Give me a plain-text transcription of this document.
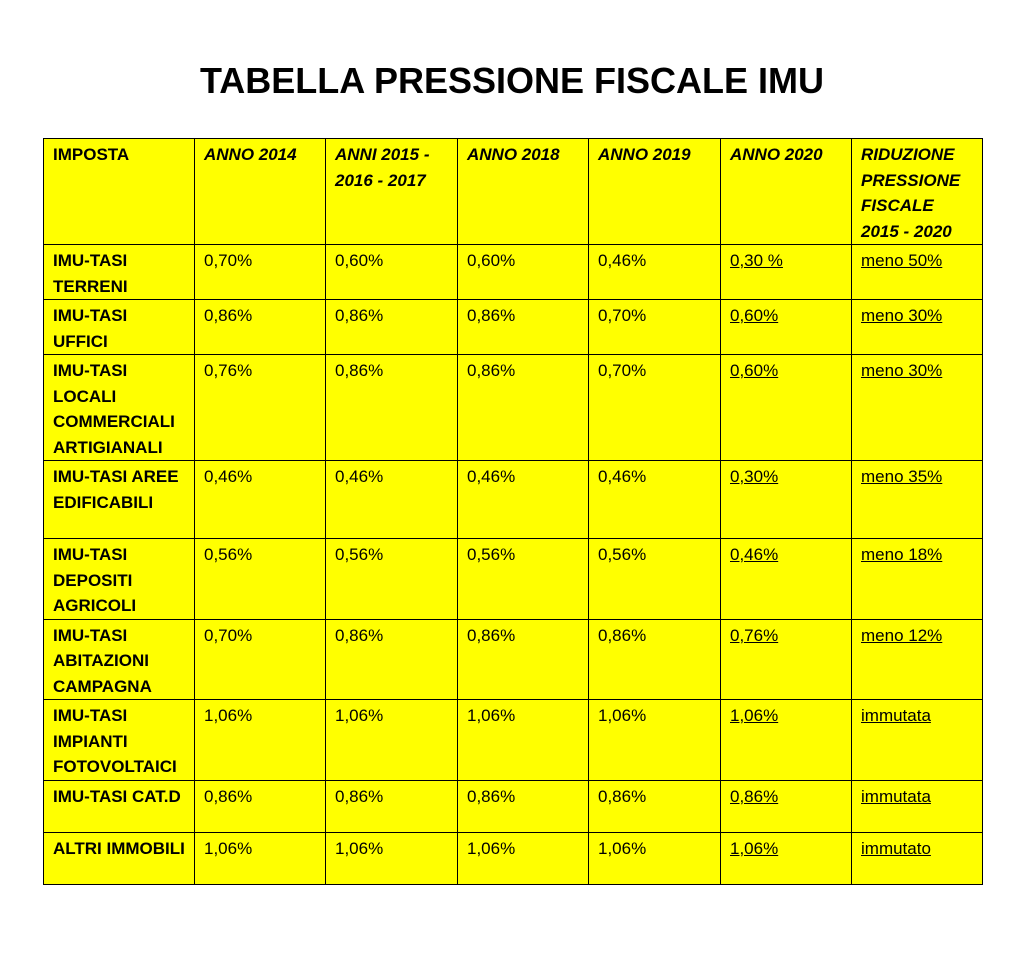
TABELLA PRESSIONE FISCALE IMU
IMPOSTA	ANNO 2014	ANNI 2015 - 2016 - 2017	ANNO 2018	ANNO 2019	ANNO 2020	RIDUZIONE PRESSIONE FISCALE 2015 - 2020
IMU-TASI TERRENI	0,70%	0,60%	0,60%	0,46%	0,30 %	meno 50%
IMU-TASI UFFICI	0,86%	0,86%	0,86%	0,70%	0,60%	meno 30%
IMU-TASI LOCALI COMMERCIALI ARTIGIANALI	0,76%	0,86%	0,86%	0,70%	0,60%	meno 30%
IMU-TASI AREE EDIFICABILI	0,46%	0,46%	0,46%	0,46%	0,30%	meno 35%
IMU-TASI DEPOSITI AGRICOLI	0,56%	0,56%	0,56%	0,56%	0,46%	meno 18%
IMU-TASI ABITAZIONI CAMPAGNA	0,70%	0,86%	0,86%	0,86%	0,76%	meno 12%
IMU-TASI IMPIANTI FOTOVOLTAICI	1,06%	1,06%	1,06%	1,06%	1,06%	immutata
IMU-TASI CAT.D	0,86%	0,86%	0,86%	0,86%	0,86%	immutata
ALTRI IMMOBILI	1,06%	1,06%	1,06%	1,06%	1,06%	immutato
